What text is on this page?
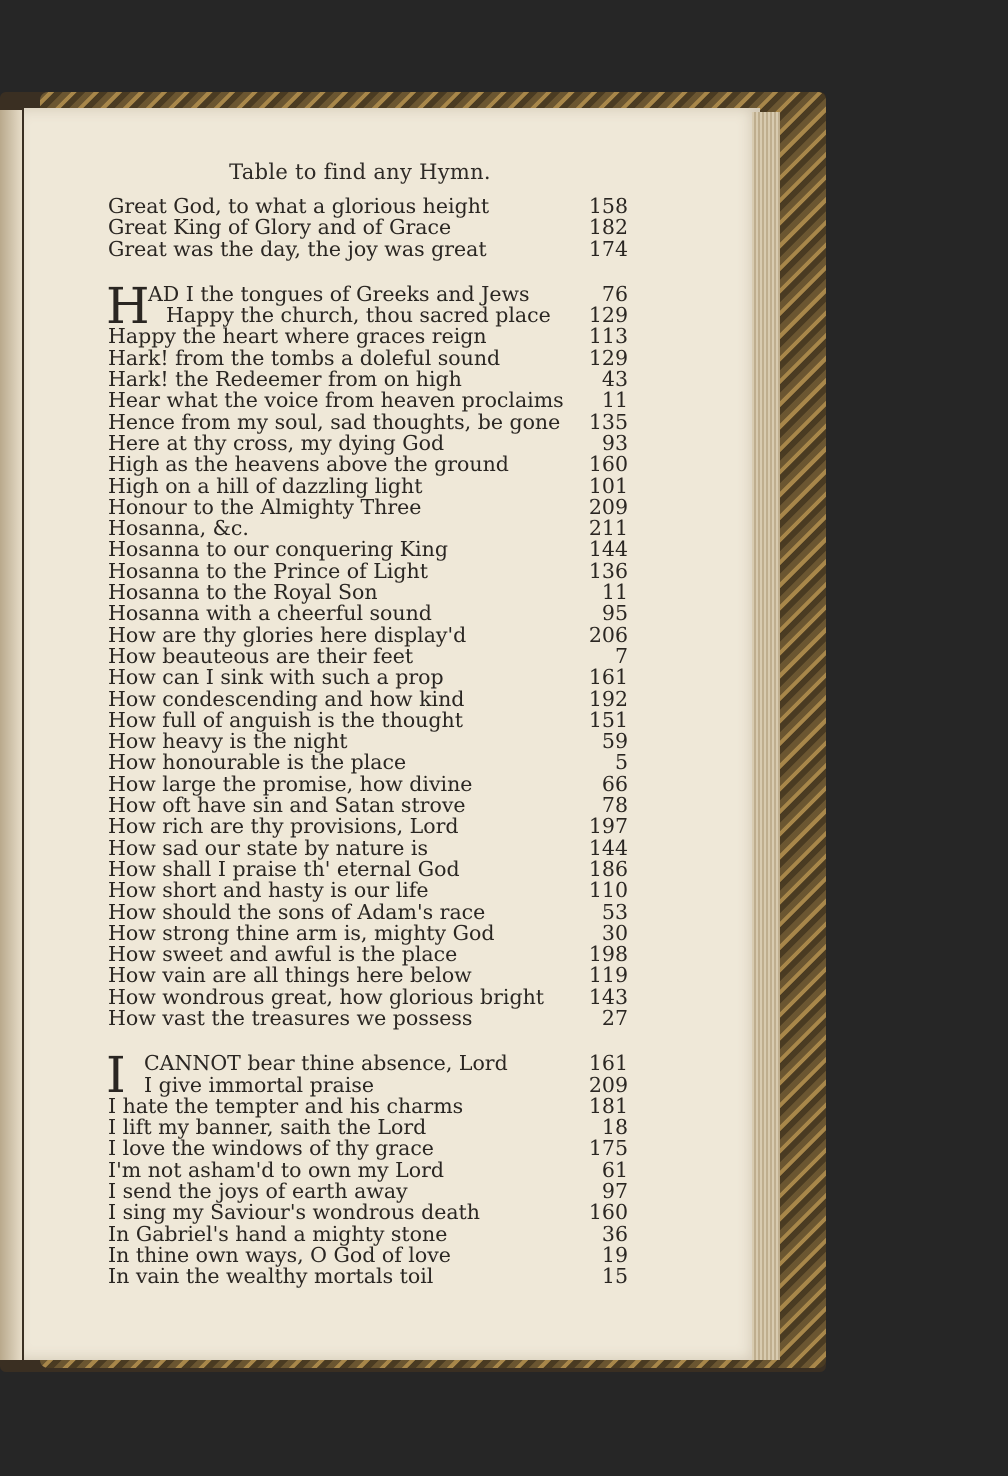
Table to find any Hymn.
Great God, to what a glorious height	158
Great King of Glory and of Grace	182
Great was the day, the joy was great	174
H
AD I the tongues of Greeks and Jews	76
Happy the church, thou sacred place 129
Happy the heart where graces reign	113
Hark! from the tombs a doleful sound	129
Hark! the Redeemer from on high	43
Hear what the voice from heaven proclaims 11
Hence from my soul, sad thoughts, be gone 135
Here at thy cross, my dying God	93
High as the heavens above the ground	160
High on a hill of dazzling light	101
Honour to the Almighty Three	209
Hosanna, &c.	211
Hosanna to our conquering King	144
Hosanna to the Prince of Light	136
Hosanna to the Royal Son	11
Hosanna with a cheerful sound	95
How are thy glories here display'd	206
How beauteous are their feet	7
How can I sink with such a prop	161
How condescending and how kind	192
How full of anguish is the thought	151
How heavy is the night	59
How honourable is the place	5
How large the promise, how divine	66
How oft have sin and Satan strove	78
How rich are thy provisions, Lord	197
How sad our state by nature is	144
How shall I praise th' eternal God	186
How short and hasty is our life	110
How should the sons of Adam's race	53
How strong thine arm is, mighty God	30
How sweet and awful is the place	198
How vain are all things here below	119
How wondrous great, how glorious bright 143
How vast the treasures we possess	27
I CANNOT bear thine absence, Lord	161
I give immortal praise	209
I hate the tempter and his charms	181
I lift my banner, saith the Lord	18
I love the windows of thy grace	175
I'm not asham'd to own my Lord	61
I send the joys of earth away	97
I sing my Saviour's wondrous death	160
In Gabriel's hand a mighty stone	36
In thine own ways, O God of love	19
In vain the wealthy mortals toil	15
